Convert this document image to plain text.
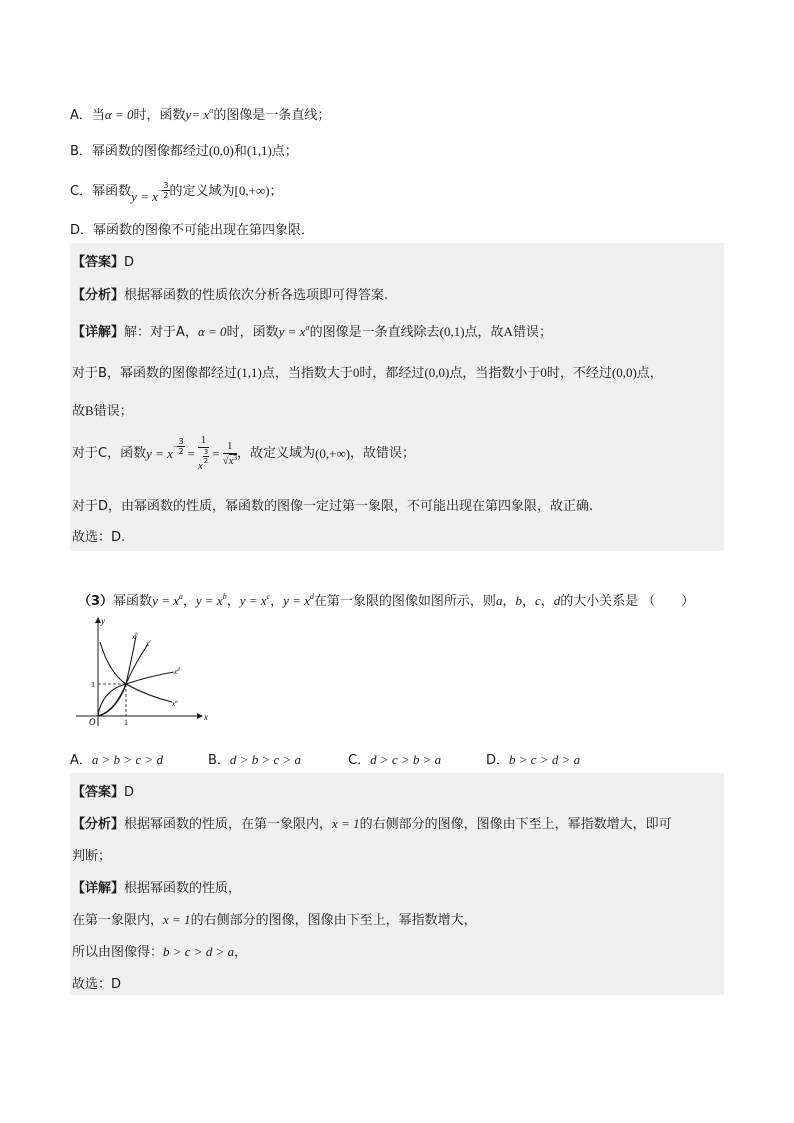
A．当α = 0时，函数$y= x^\alpha$的图像是一条直线；
B．幂函数的图像都经过(0,0)和(1,1)点；
C．幂函数$y = x- \frac{3}{2}$ 的定义域为[0,+∞)；
D．幂函数的图像不可能出现在第四象限．
【答案】D
【分析】根据幂函数的性质依次分析各选项即可得答案.
【详解】解：对于A，α = 0时，函数$y = x^\alpha$的图像是一条直线除去(0,1)点，故A错误；
对于B，幂函数的图像都经过(1,1)点，当指数大于0时，都经过(0,0)点，当指数小于0时，不经过(0,0)点，
故B错误；
对于C，函数$y = x- \frac{3}{2} = 1$
x
$\frac{3}{2} = \frac{1}{√x^3}$ ，故定义域为(0,+∞)，故错误；
对于D，由幂函数的性质，幂函数的图像一定过第一象限，不可能出现在第四象限，故正确.
故选：D.
（3）幂函数$y = x^a$，$y = x^b$，$y = x^c$，$y = x^d$在第一象限的图像如图所示，则a，b，c，d的大小关系是 （　　）
x
y
O	1
1
$x^b$
$x^c$
$x^d$
$x^a$
A．a > b > c > d	B．d > b > c > a	C．d > c > b > a	D．b > c > d > a
【答案】D
【分析】根据幂函数的性质，在第一象限内，x = 1的右侧部分的图像，图像由下至上，幂指数增大，即可
判断；
【详解】根据幂函数的性质，
在第一象限内，x = 1的右侧部分的图像，图像由下至上，幂指数增大，
所以由图像得：b > c > d > a，
故选：D
